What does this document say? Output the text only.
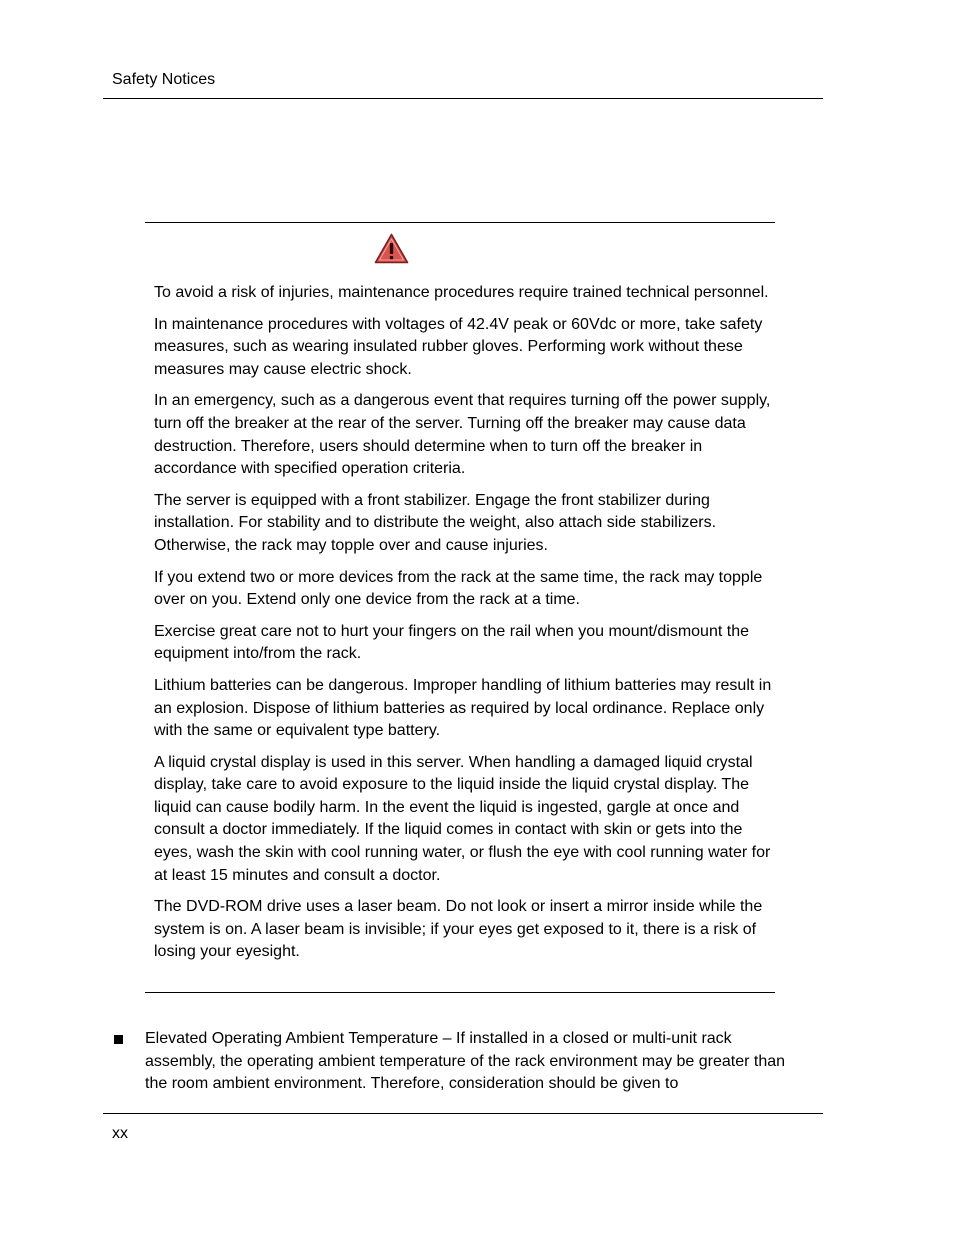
Safety Notices

To avoid a risk of injuries, maintenance procedures require trained technical personnel.

In maintenance procedures with voltages of 42.4V peak or 60Vdc or more, take safety measures, such as wearing insulated rubber gloves. Performing work without these measures may cause electric shock.

In an emergency, such as a dangerous event that requires turning off the power supply, turn off the breaker at the rear of the server. Turning off the breaker may cause data destruction. Therefore, users should determine when to turn off the breaker in accordance with specified operation criteria.

The server is equipped with a front stabilizer. Engage the front stabilizer during installation. For stability and to distribute the weight, also attach side stabilizers. Otherwise, the rack may topple over and cause injuries.

If you extend two or more devices from the rack at the same time, the rack may topple over on you. Extend only one device from the rack at a time.

Exercise great care not to hurt your fingers on the rail when you mount/dismount the equipment into/from the rack.

Lithium batteries can be dangerous. Improper handling of lithium batteries may result in an explosion. Dispose of lithium batteries as required by local ordinance. Replace only with the same or equivalent type battery.

A liquid crystal display is used in this server. When handling a damaged liquid crystal display, take care to avoid exposure to the liquid inside the liquid crystal display. The liquid can cause bodily harm. In the event the liquid is ingested, gargle at once and consult a doctor immediately. If the liquid comes in contact with skin or gets into the eyes, wash the skin with cool running water, or flush the eye with cool running water for at least 15 minutes and consult a doctor.

The DVD-ROM drive uses a laser beam. Do not look or insert a mirror inside while the system is on. A laser beam is invisible; if your eyes get exposed to it, there is a risk of losing your eyesight.

Elevated Operating Ambient Temperature – If installed in a closed or multi-unit rack assembly, the operating ambient temperature of the rack environment may be greater than the room ambient environment. Therefore, consideration should be given to
xx
